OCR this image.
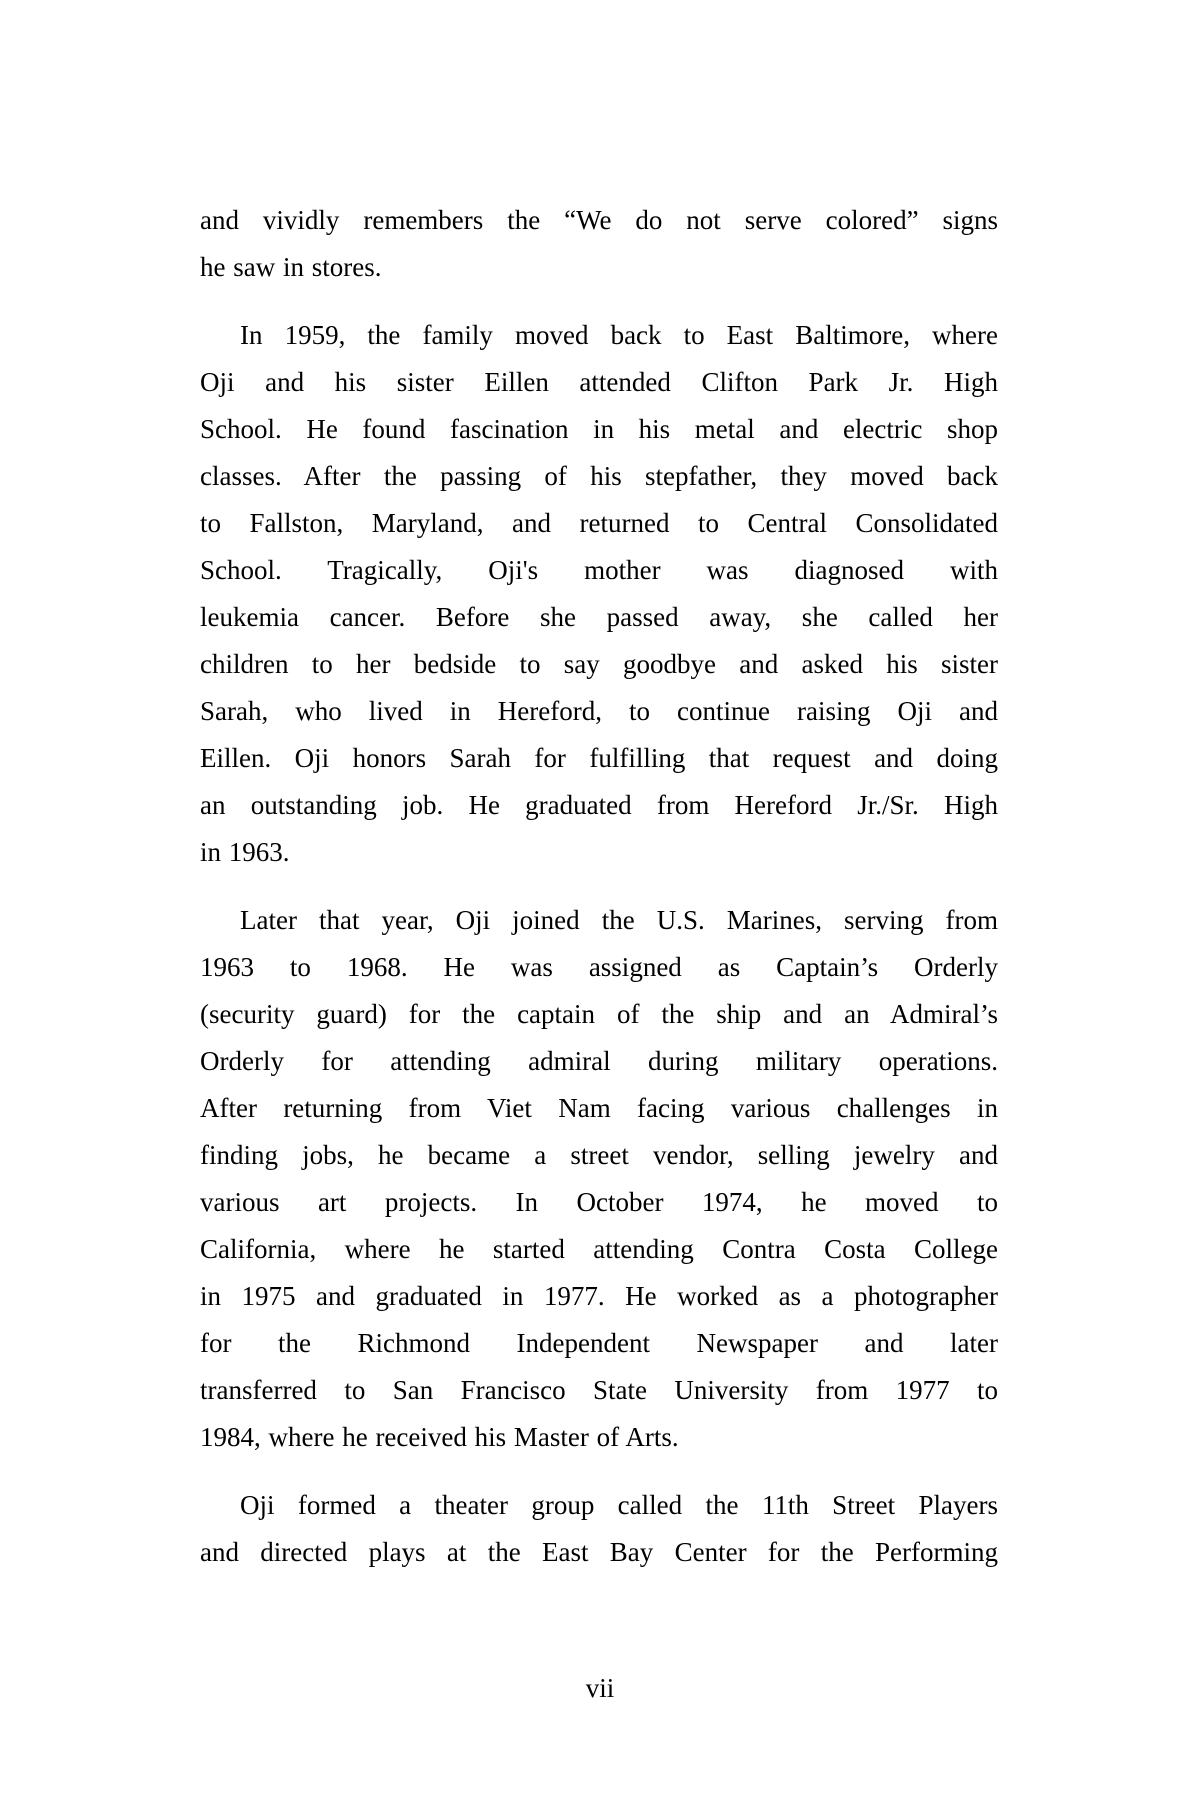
and vividly remembers the “We do not serve colored” signs
he saw in stores.
In 1959, the family moved back to East Baltimore, where
Oji and his sister Eillen attended Clifton Park Jr. High
School. He found fascination in his metal and electric shop
classes. After the passing of his stepfather, they moved back
to Fallston, Maryland, and returned to Central Consolidated
School. Tragically, Oji's mother was diagnosed with
leukemia cancer. Before she passed away, she called her
children to her bedside to say goodbye and asked his sister
Sarah, who lived in Hereford, to continue raising Oji and
Eillen. Oji honors Sarah for fulfilling that request and doing
an outstanding job. He graduated from Hereford Jr./Sr. High
in 1963.
Later that year, Oji joined the U.S. Marines, serving from
1963 to 1968. He was assigned as Captain’s Orderly
(security guard) for the captain of the ship and an Admiral’s
Orderly for attending admiral during military operations.
After returning from Viet Nam facing various challenges in
finding jobs, he became a street vendor, selling jewelry and
various art projects. In October 1974, he moved to
California, where he started attending Contra Costa College
in 1975 and graduated in 1977. He worked as a photographer
for the Richmond Independent Newspaper and later
transferred to San Francisco State University from 1977 to
1984, where he received his Master of Arts.
Oji formed a theater group called the 11th Street Players
and directed plays at the East Bay Center for the Performing
vii
